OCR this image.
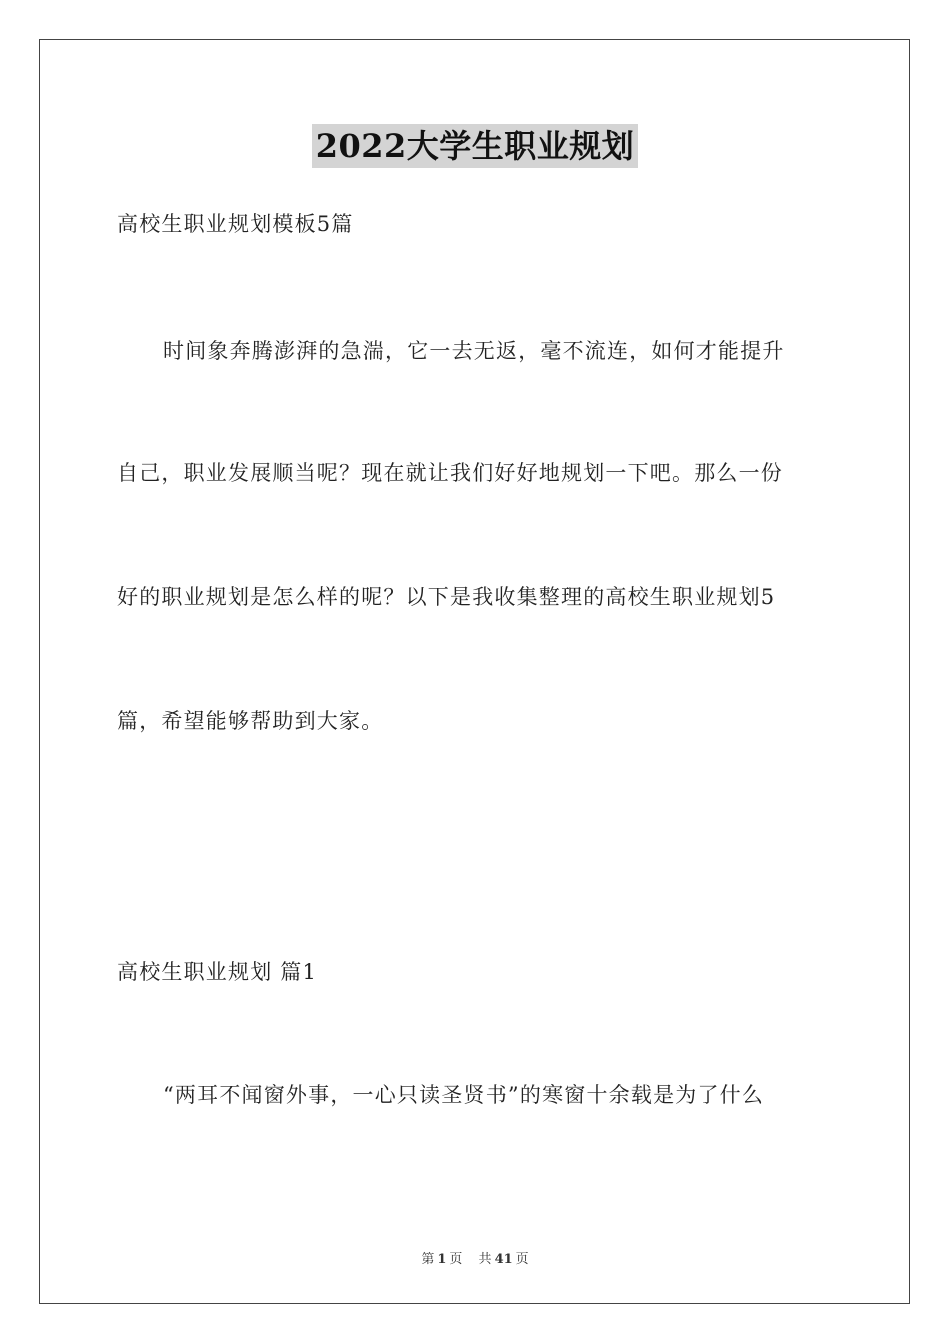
2022大学生职业规划
高校生职业规划模板5篇
时间象奔腾澎湃的急湍，它一去无返，毫不流连，如何才能提升
自己，职业发展顺当呢？现在就让我们好好地规划一下吧。那么一份
好的职业规划是怎么样的呢？以下是我收集整理的高校生职业规划5
篇，希望能够帮助到大家。
高校生职业规划 篇1
“两耳不闻窗外事，一心只读圣贤书”的寒窗十余载是为了什么
第 1 页 共 41 页
